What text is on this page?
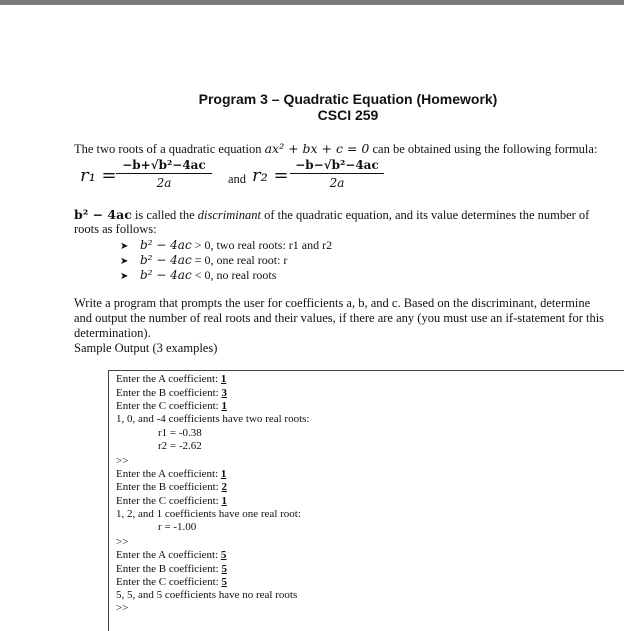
Program 3 – Quadratic Equation (Homework)
CSCI 259
The two roots of a quadratic equation ax² + bx + c = 0 can be obtained using the following formula:
$r_1 = \frac{\text{−b+√b²−4ac}}{2a}$ and $r_2 = \frac{\text{−b−√b²−4ac}}{2a}$
b² − 4ac is called the discriminant of the quadratic equation, and its value determines the number of
roots as follows:
➤ b² − 4ac > 0, two real roots: r1 and r2
➤ b² − 4ac = 0, one real root: r
➤ b² − 4ac < 0, no real roots
Write a program that prompts the user for coefficients a, b, and c. Based on the discriminant, determine
and output the number of real roots and their values, if there are any (you must use an if-statement for this
determination).
Sample Output (3 examples)
Enter the A coefficient: 1
Enter the B coefficient: 3
Enter the C coefficient: 1
1, 0, and -4 coefficients have two real roots:
r1 = -0.38
r2 = -2.62
>>
Enter the A coefficient: 1
Enter the B coefficient: 2
Enter the C coefficient: 1
1, 2, and 1 coefficients have one real root:
r = -1.00
>>
Enter the A coefficient: 5
Enter the B coefficient: 5
Enter the C coefficient: 5
5, 5, and 5 coefficients have no real roots
>>
